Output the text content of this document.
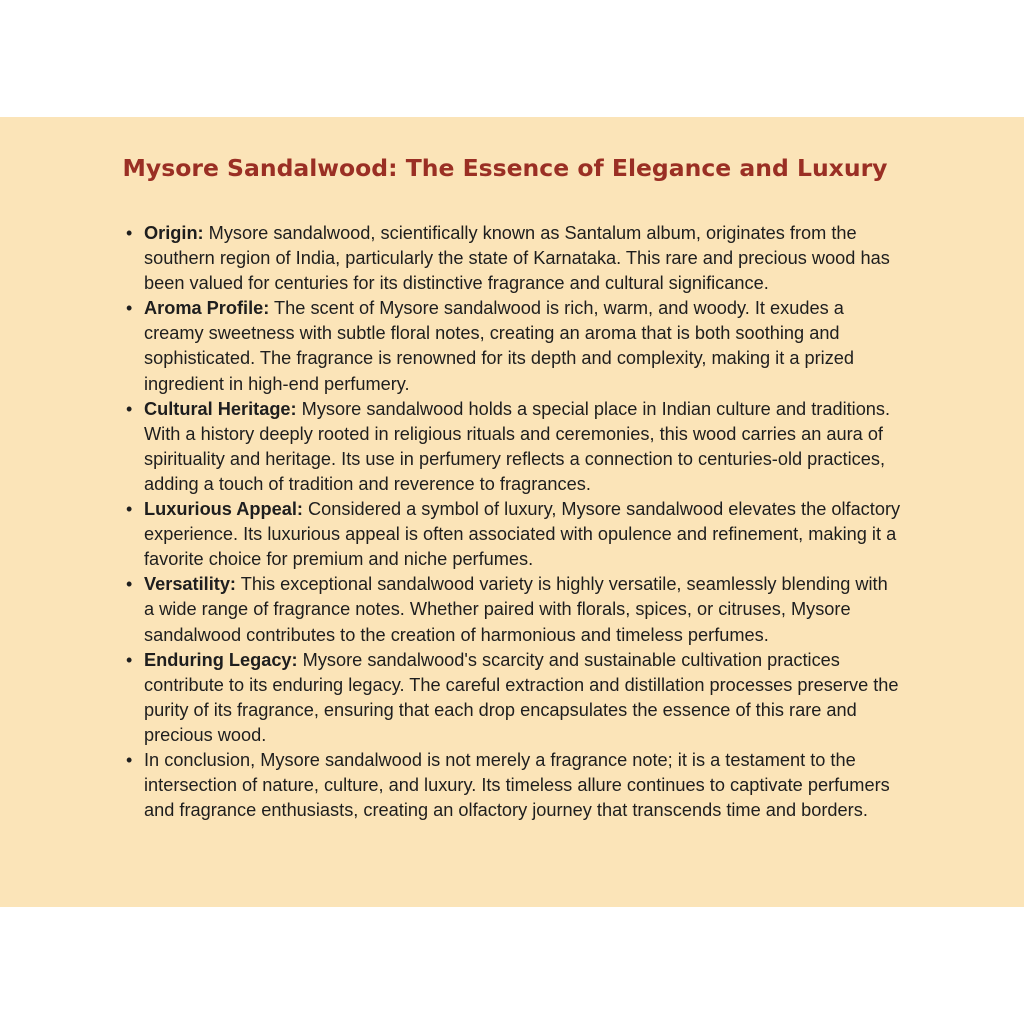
Mysore Sandalwood: The Essence of Elegance and Luxury
• Origin: Mysore sandalwood, scientifically known as Santalum album, originates from the southern region of India, particularly the state of Karnataka. This rare and precious wood has been valued for centuries for its distinctive fragrance and cultural significance.
• Aroma Profile: The scent of Mysore sandalwood is rich, warm, and woody. It exudes a creamy sweetness with subtle floral notes, creating an aroma that is both soothing and sophisticated. The fragrance is renowned for its depth and complexity, making it a prized ingredient in high-end perfumery.
• Cultural Heritage: Mysore sandalwood holds a special place in Indian culture and traditions. With a history deeply rooted in religious rituals and ceremonies, this wood carries an aura of spirituality and heritage. Its use in perfumery reflects a connection to centuries-old practices, adding a touch of tradition and reverence to fragrances.
• Luxurious Appeal: Considered a symbol of luxury, Mysore sandalwood elevates the olfactory experience. Its luxurious appeal is often associated with opulence and refinement, making it a favorite choice for premium and niche perfumes.
• Versatility: This exceptional sandalwood variety is highly versatile, seamlessly blending with a wide range of fragrance notes. Whether paired with florals, spices, or citruses, Mysore sandalwood contributes to the creation of harmonious and timeless perfumes.
• Enduring Legacy: Mysore sandalwood's scarcity and sustainable cultivation practices contribute to its enduring legacy. The careful extraction and distillation processes preserve the purity of its fragrance, ensuring that each drop encapsulates the essence of this rare and precious wood.
• In conclusion, Mysore sandalwood is not merely a fragrance note; it is a testament to the intersection of nature, culture, and luxury. Its timeless allure continues to captivate perfumers and fragrance enthusiasts, creating an olfactory journey that transcends time and borders.
